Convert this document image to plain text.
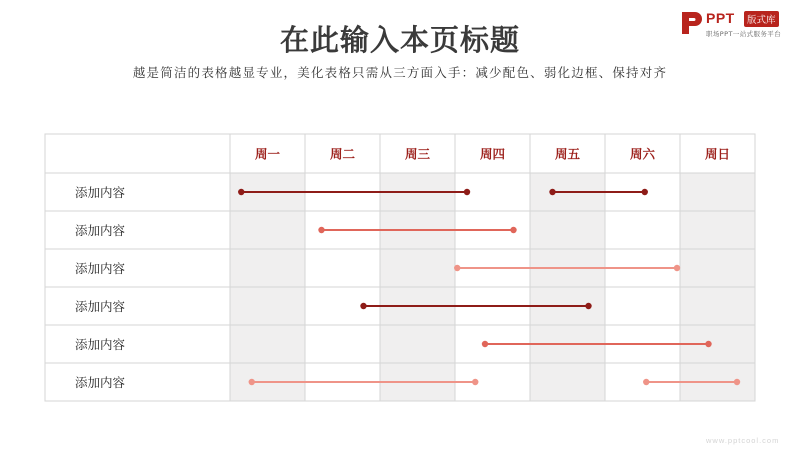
在此输入本页标题
越是简洁的表格越显专业，美化表格只需从三方面入手：减少配色、弱化边框、保持对齐
PPT	版式库
职场PPT一站式服务平台
周一	周二	周三	周四	周五	周六	周日
添加内容
添加内容
添加内容
添加内容
添加内容
添加内容
www.pptcool.com
